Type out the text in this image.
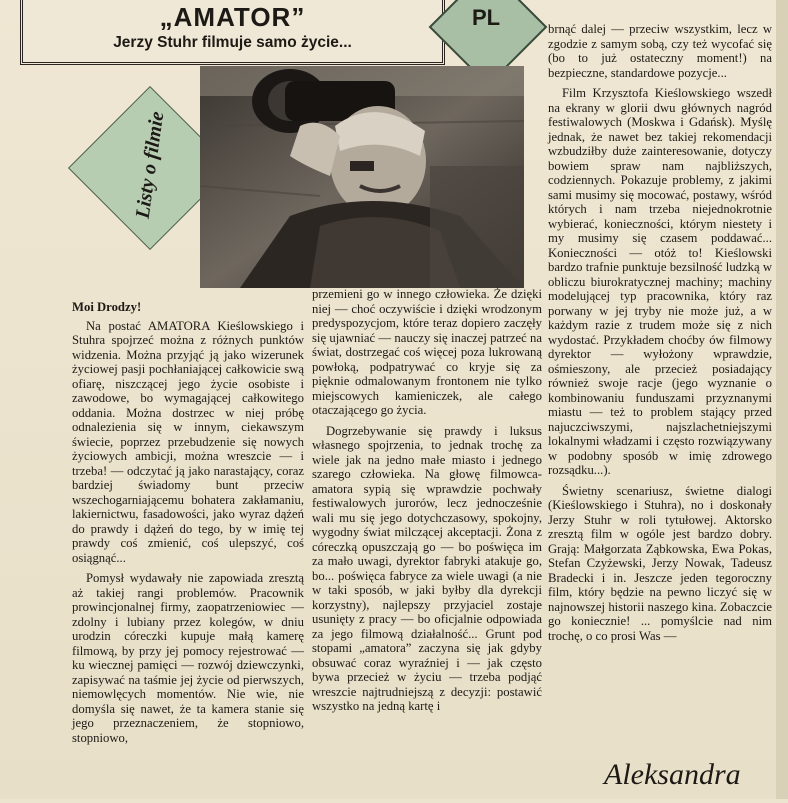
„AMATOR”
Jerzy Stuhr filmuje samo życie...
PL
Listy o filmie

Moi Drodzy!

Na postać AMATORA Kieślowskiego i Stuhra spojrzeć można z różnych punktów widzenia. Można przyjąć ją jako wizerunek życiowej pasji pochłaniającej całkowicie swą ofiarę, niszczącej jego życie osobiste i zawodowe, bo wymagającej całkowitego oddania. Można dostrzec w niej próbę odnalezienia się w innym, ciekawszym świecie, poprzez przebudzenie się nowych życiowych ambicji, można wreszcie — i trzeba! — odczytać ją jako narastający, coraz bardziej świadomy bunt przeciw wszechogarniającemu bohatera zakłamaniu, lakiernictwu, fasadowości, jako wyraz dążeń do prawdy i dążeń do tego, by w imię tej prawdy coś zmienić, coś ulepszyć, coś osiągnąć...

Pomysł wydawały nie zapowiada zresztą aż takiej rangi problemów. Pracownik prowincjonalnej firmy, zaopatrzeniowiec — zdolny i lubiany przez kolegów, w dniu urodzin córeczki kupuje małą kamerę filmową, by przy jej pomocy rejestrować — ku wiecznej pamięci — rozwój dziewczynki, zapisywać na taśmie jej życie od pierwszych, niemowlęcych momentów. Nie wie, nie domyśla się nawet, że ta kamera stanie się jego przeznaczeniem, że stopniowo, stopniowo,

przemieni go w innego człowieka. Że dzięki niej — choć oczywiście i dzięki wrodzonym predyspozycjom, które teraz dopiero zaczęły się ujawniać — nauczy się inaczej patrzeć na świat, dostrzegać coś więcej poza lukrowaną powłoką, podpatrywać co kryje się za pięknie odmalowanym frontonem nie tylko miejscowych kamieniczek, ale całego otaczającego go życia.

Dogrzebywanie się prawdy i luksus własnego spojrzenia, to jednak trochę za wiele jak na jedno małe miasto i jednego szarego człowieka. Na głowę filmowca-amatora sypią się wprawdzie pochwały festiwalowych jurorów, lecz jednocześnie wali mu się jego dotychczasowy, spokojny, wygodny świat milczącej akceptacji. Żona z córeczką opuszczają go — bo poświęca im za mało uwagi, dyrektor fabryki atakuje go, bo... poświęca fabryce za wiele uwagi (a nie w taki sposób, w jaki byłby dla dyrekcji korzystny), najlepszy przyjaciel zostaje usunięty z pracy — bo oficjalnie odpowiada za jego filmową działalność... Grunt pod stopami „amatora” zaczyna się jak gdyby obsuwać coraz wyraźniej i — jak często bywa przecież w życiu — trzeba podjąć wreszcie najtrudniejszą z decyzji: postawić wszystko na jedną kartę i

brnąć dalej — przeciw wszystkim, lecz w zgodzie z samym sobą, czy też wycofać się (bo to już ostateczny moment!) na bezpieczne, standardowe pozycje...

Film Krzysztofa Kieślowskiego wszedł na ekrany w glorii dwu głównych nagród festiwalowych (Moskwa i Gdańsk). Myślę jednak, że nawet bez takiej rekomendacji wzbudziłby duże zainteresowanie, dotyczy bowiem spraw nam najbliższych, codziennych. Pokazuje problemy, z jakimi sami musimy się mocować, postawy, wśród których i nam trzeba niejednokrotnie wybierać, konieczności, którym niestety i my musimy się czasem poddawać... Konieczności — otóż to! Kieślowski bardzo trafnie punktuje bezsilność ludzką w obliczu biurokratycznej machiny; machiny modelującej typ pracownika, który raz porwany w jej tryby nie może już, a w każdym razie z trudem może się z nich wydostać. Przykładem choćby ów filmowy dyrektor — wyłożony wprawdzie, ośmieszony, ale przecież posiadający również swoje racje (jego wyznanie o kombinowaniu funduszami przyznanymi miastu — też to problem stający przed najuczciwszymi, najszlachetniejszymi lokalnymi władzami i często rozwiązywany w podobny sposób w imię zdrowego rozsądku...).

Świetny scenariusz, świetne dialogi (Kieślowskiego i Stuhra), no i doskonały Jerzy Stuhr w roli tytułowej. Aktorsko zresztą film w ogóle jest bardzo dobry. Grają: Małgorzata Ząbkowska, Ewa Pokas, Stefan Czyżewski, Jerzy Nowak, Tadeusz Bradecki i in. Jeszcze jeden tegoroczny film, który będzie na pewno liczyć się w najnowszej historii naszego kina. Zobaczcie go koniecznie! ... pomyślcie nad nim trochę, o co prosi Was —

Aleksandra
